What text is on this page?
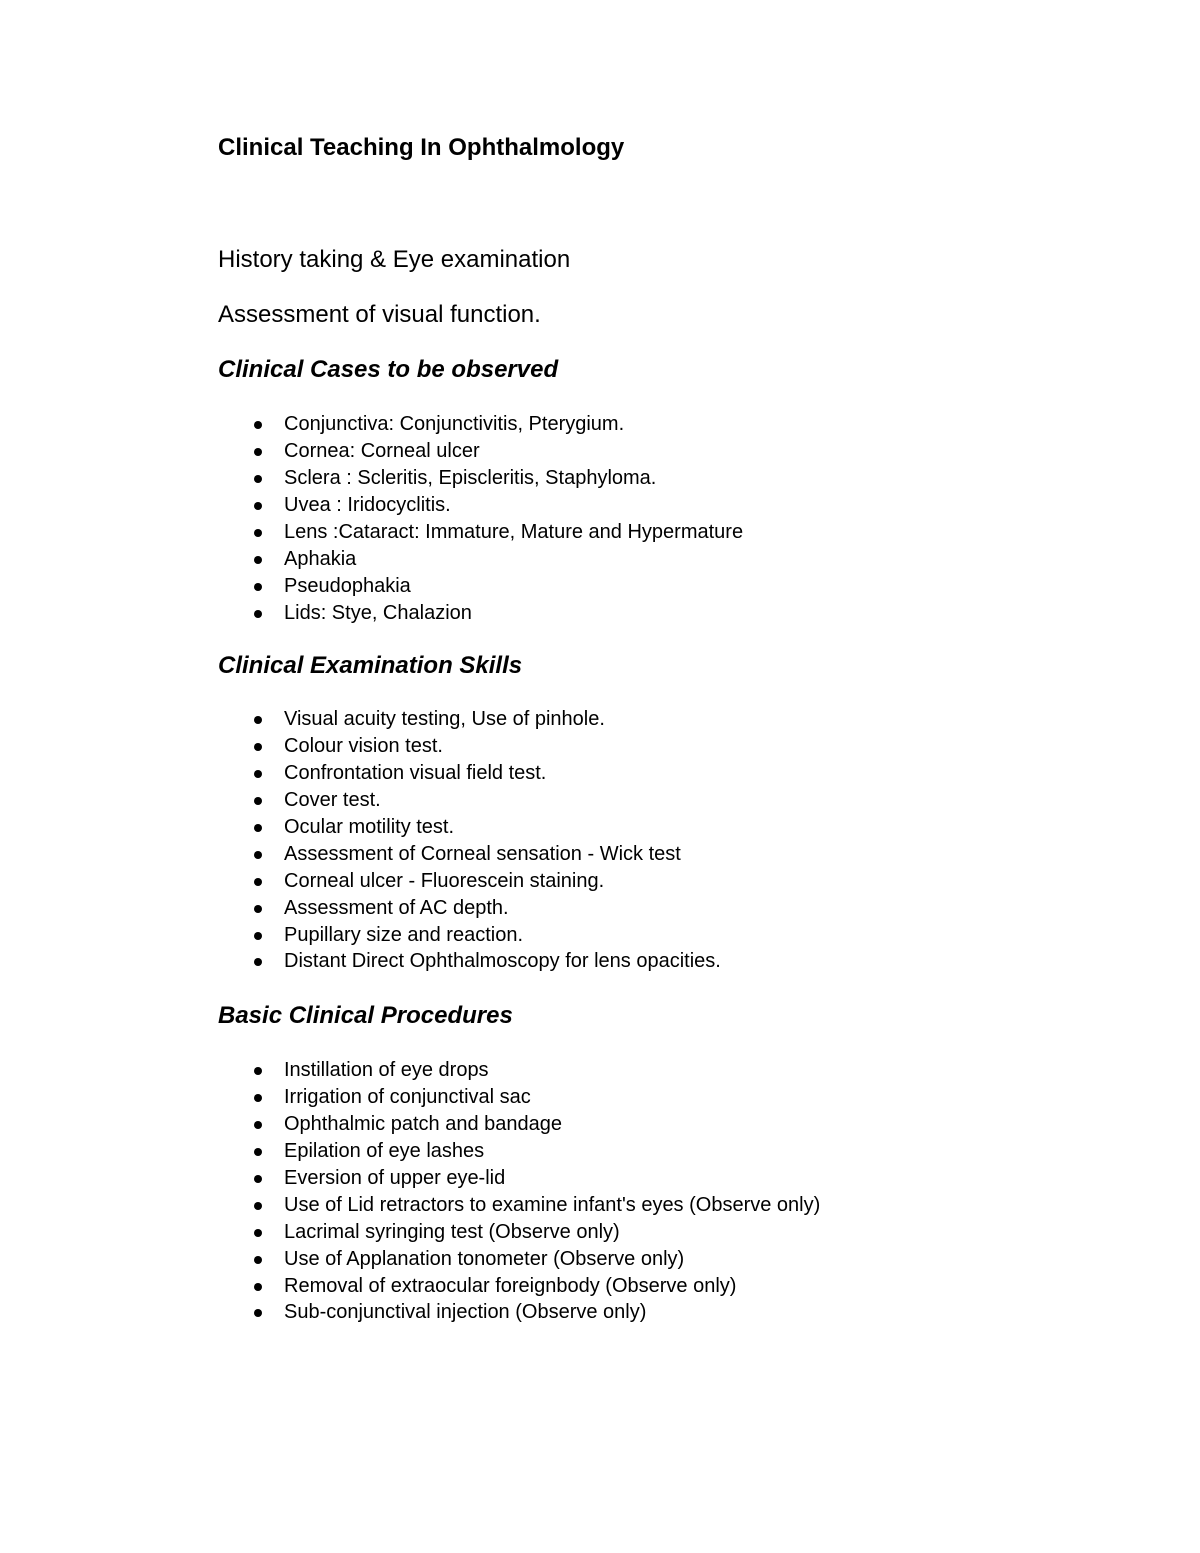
Clinical Teaching In Ophthalmology

History taking & Eye examination

Assessment of visual function.

Clinical Cases to be observed
Conjunctiva: Conjunctivitis, Pterygium.
Cornea: Corneal ulcer
Sclera : Scleritis, Episcleritis, Staphyloma.
Uvea : Iridocyclitis.
Lens :Cataract: Immature, Mature and Hypermature
Aphakia
Pseudophakia
Lids: Stye, Chalazion
Clinical Examination Skills
Visual acuity testing, Use of pinhole.
Colour vision test.
Confrontation visual field test.
Cover test.
Ocular motility test.
Assessment of Corneal sensation - Wick test
Corneal ulcer - Fluorescein staining.
Assessment of AC depth.
Pupillary size and reaction.
Distant Direct Ophthalmoscopy for lens opacities.
Basic Clinical Procedures
Instillation of eye drops
Irrigation of conjunctival sac
Ophthalmic patch and bandage
Epilation of eye lashes
Eversion of upper eye-lid
Use of Lid retractors to examine infant's eyes (Observe only)
Lacrimal syringing test (Observe only)
Use of Applanation tonometer (Observe only)
Removal of extraocular foreignbody (Observe only)
Sub-conjunctival injection (Observe only)
